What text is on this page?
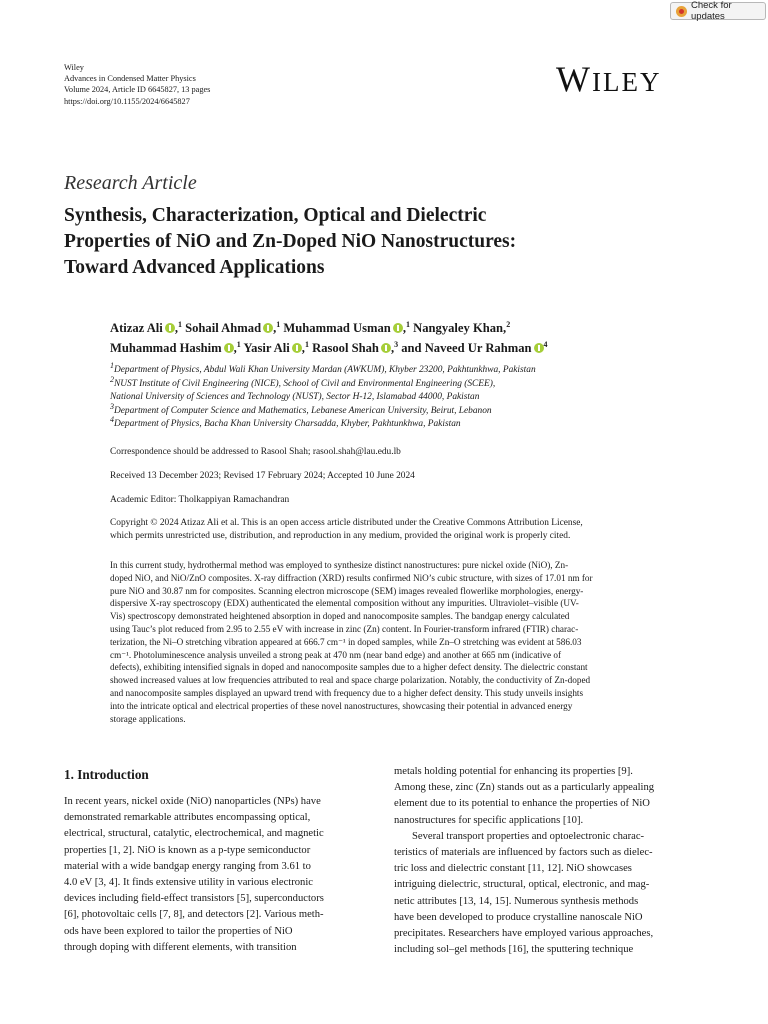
Check for updates
Wiley
Advances in Condensed Matter Physics
Volume 2024, Article ID 6645827, 13 pages
https://doi.org/10.1155/2024/6645827
WILEY
Research Article
Synthesis, Characterization, Optical and Dielectric
Properties of NiO and Zn-Doped NiO Nanostructures:
Toward Advanced Applications
Atizaz Ali ,$^1$ Sohail Ahmad ,$^1$ Muhammad Usman ,$^1$ Nangyaley Khan,$^2$
Muhammad Hashim ,$^1$ Yasir Ali ,$^1$ Rasool Shah ,$^3$ and Naveed Ur Rahman $^4$
$^1$Department of Physics, Abdul Wali Khan University Mardan (AWKUM), Khyber 23200, Pakhtunkhwa, Pakistan
$^2$NUST Institute of Civil Engineering (NICE), School of Civil and Environmental Engineering (SCEE),
National University of Sciences and Technology (NUST), Sector H-12, Islamabad 44000, Pakistan
$^3$Department of Computer Science and Mathematics, Lebanese American University, Beirut, Lebanon
$^4$Department of Physics, Bacha Khan University Charsadda, Khyber, Pakhtunkhwa, Pakistan
Correspondence should be addressed to Rasool Shah; rasool.shah@lau.edu.lb
Received 13 December 2023; Revised 17 February 2024; Accepted 10 June 2024
Academic Editor: Tholkappiyan Ramachandran
Copyright © 2024 Atizaz Ali et al. This is an open access article distributed under the Creative Commons Attribution License,
which permits unrestricted use, distribution, and reproduction in any medium, provided the original work is properly cited.
In this current study, hydrothermal method was employed to synthesize distinct nanostructures: pure nickel oxide (NiO), Zn-
doped NiO, and NiO/ZnO composites. X-ray diffraction (XRD) results confirmed NiO’s cubic structure, with sizes of 17.01 nm for
pure NiO and 30.87 nm for composites. Scanning electron microscope (SEM) images revealed flowerlike morphologies, energy-
dispersive X-ray spectroscopy (EDX) authenticated the elemental composition without any impurities. Ultraviolet–visible (UV-
Vis) spectroscopy demonstrated heightened absorption in doped and nanocomposite samples. The bandgap energy calculated
using Tauc’s plot reduced from 2.95 to 2.55 eV with increase in zinc (Zn) content. In Fourier-transform infrared (FTIR) charac-
terization, the Ni–O stretching vibration appeared at 666.7 cm⁻¹ in doped samples, while Zn–O stretching was evident at 586.03
cm⁻¹. Photoluminescence analysis unveiled a strong peak at 470 nm (near band edge) and another at 665 nm (indicative of
defects), exhibiting intensified signals in doped and nanocomposite samples due to a higher defect density. The dielectric constant
showed increased values at low frequencies attributed to real and space charge polarization. Notably, the conductivity of Zn-doped
and nanocomposite samples displayed an upward trend with frequency due to a higher defect density. This study unveils insights
into the intricate optical and electrical properties of these novel nanostructures, showcasing their potential in advanced energy
storage applications.
1. Introduction
In recent years, nickel oxide (NiO) nanoparticles (NPs) have
demonstrated remarkable attributes encompassing optical,
electrical, structural, catalytic, electrochemical, and magnetic
properties [1, 2]. NiO is known as a p-type semiconductor
material with a wide bandgap energy ranging from 3.61 to
4.0 eV [3, 4]. It finds extensive utility in various electronic
devices including field-effect transistors [5], superconductors
[6], photovoltaic cells [7, 8], and detectors [2]. Various meth-
ods have been explored to tailor the properties of NiO
through doping with different elements, with transition
metals holding potential for enhancing its properties [9].
Among these, zinc (Zn) stands out as a particularly appealing
element due to its potential to enhance the properties of NiO
nanostructures for specific applications [10].
Several transport properties and optoelectronic charac-
teristics of materials are influenced by factors such as dielec-
tric loss and dielectric constant [11, 12]. NiO showcases
intriguing dielectric, structural, optical, electronic, and mag-
netic attributes [13, 14, 15]. Numerous synthesis methods
have been developed to produce crystalline nanoscale NiO
precipitates. Researchers have employed various approaches,
including sol–gel methods [16], the sputtering technique
